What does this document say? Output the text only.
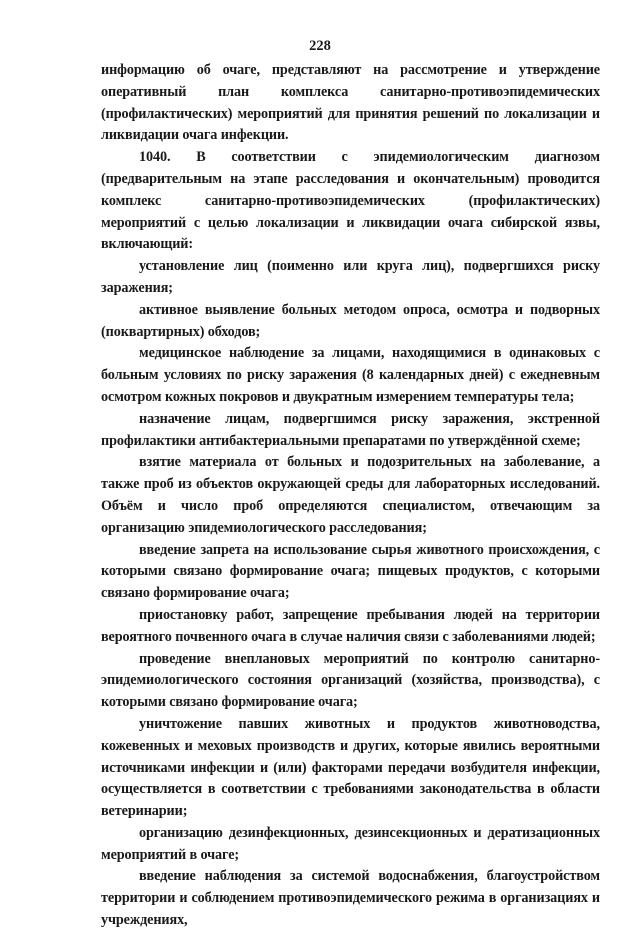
228

информацию об очаге, представляют на рассмотрение и утверждение оперативный план комплекса санитарно-противоэпидемических (профилактических) мероприятий для принятия решений по локализации и ликвидации очага инфекции.

1040. В соответствии с эпидемиологическим диагнозом (предварительным на этапе расследования и окончательным) проводится комплекс санитарно-противоэпидемических (профилактических) мероприятий с целью локализации и ликвидации очага сибирской язвы, включающий:

установление лиц (поименно или круга лиц), подвергшихся риску заражения;

активное выявление больных методом опроса, осмотра и подворных (поквартирных) обходов;

медицинское наблюдение за лицами, находящимися в одинаковых с больным условиях по риску заражения (8 календарных дней) с ежедневным осмотром кожных покровов и двукратным измерением температуры тела;

назначение лицам, подвергшимся риску заражения, экстренной профилактики антибактериальными препаратами по утверждённой схеме;

взятие материала от больных и подозрительных на заболевание, а также проб из объектов окружающей среды для лабораторных исследований. Объём и число проб определяются специалистом, отвечающим за организацию эпидемиологического расследования;

введение запрета на использование сырья животного происхождения, с которыми связано формирование очага; пищевых продуктов, с которыми связано формирование очага;

приостановку работ, запрещение пребывания людей на территории вероятного почвенного очага в случае наличия связи с заболеваниями людей;

проведение внеплановых мероприятий по контролю санитарно-эпидемиологического состояния организаций (хозяйства, производства), с которыми связано формирование очага;

уничтожение павших животных и продуктов животноводства, кожевенных и меховых производств и других, которые явились вероятными источниками инфекции и (или) факторами передачи возбудителя инфекции, осуществляется в соответствии с требованиями законодательства в области ветеринарии;

организацию дезинфекционных, дезинсекционных и дератизационных мероприятий в очаге;

введение наблюдения за системой водоснабжения, благоустройством территории и соблюдением противоэпидемического режима в организациях и учреждениях,
